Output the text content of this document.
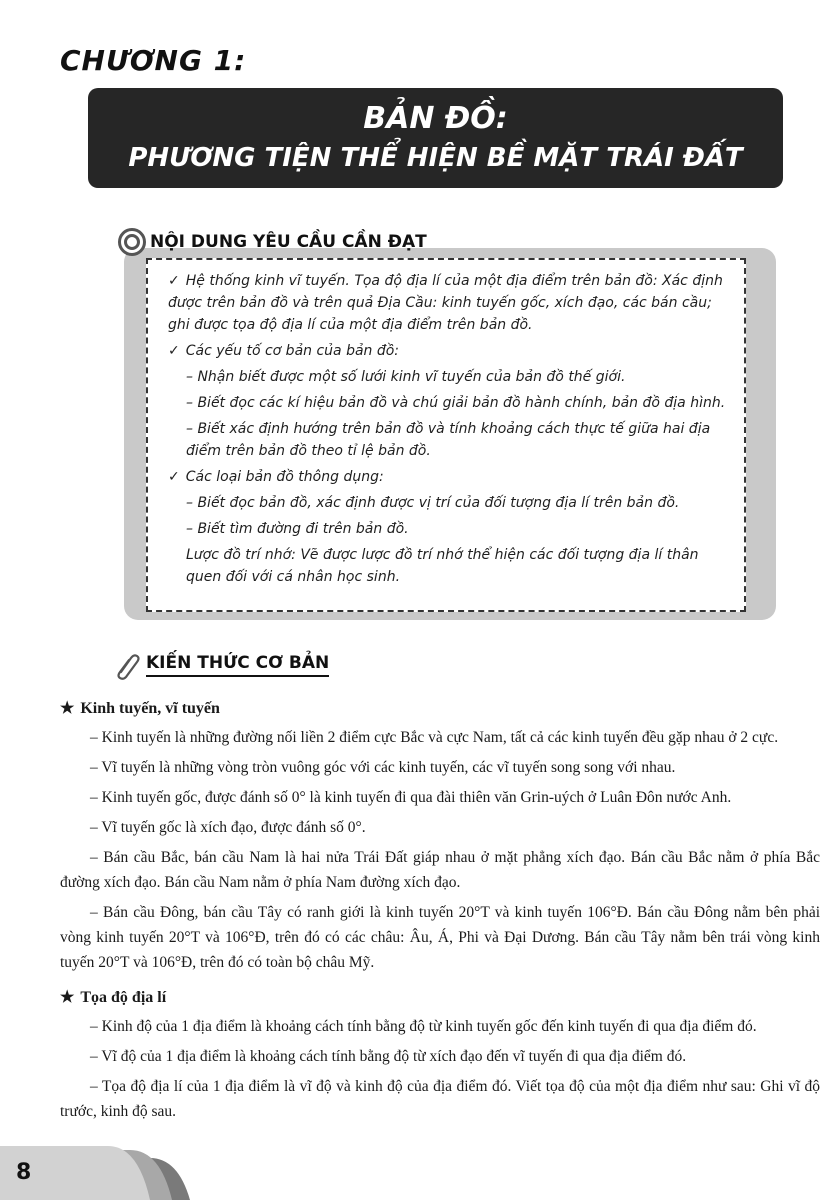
CHƯƠNG 1:
BẢN ĐỒ:
PHƯƠNG TIỆN THỂ HIỆN BỀ MẶT TRÁI ĐẤT
NỘI DUNG YÊU CẦU CẦN ĐẠT
✓ Hệ thống kinh vĩ tuyến. Tọa độ địa lí của một địa điểm trên bản đồ: Xác định được trên bản đồ và trên quả Địa Cầu: kinh tuyến gốc, xích đạo, các bán cầu; ghi được tọa độ địa lí của một địa điểm trên bản đồ.
✓ Các yếu tố cơ bản của bản đồ:
– Nhận biết được một số lưới kinh vĩ tuyến của bản đồ thế giới.
– Biết đọc các kí hiệu bản đồ và chú giải bản đồ hành chính, bản đồ địa hình.
– Biết xác định hướng trên bản đồ và tính khoảng cách thực tế giữa hai địa điểm trên bản đồ theo tỉ lệ bản đồ.
✓ Các loại bản đồ thông dụng:
– Biết đọc bản đồ, xác định được vị trí của đối tượng địa lí trên bản đồ.
– Biết tìm đường đi trên bản đồ.
Lược đồ trí nhớ: Vẽ được lược đồ trí nhớ thể hiện các đối tượng địa lí thân quen đối với cá nhân học sinh.
KIẾN THỨC CƠ BẢN
★ Kinh tuyến, vĩ tuyến

– Kinh tuyến là những đường nối liền 2 điểm cực Bắc và cực Nam, tất cả các kinh tuyến đều gặp nhau ở 2 cực.

– Vĩ tuyến là những vòng tròn vuông góc với các kinh tuyến, các vĩ tuyến song song với nhau.

– Kinh tuyến gốc, được đánh số 0° là kinh tuyến đi qua đài thiên văn Grin-uých ở Luân Đôn nước Anh.

– Vĩ tuyến gốc là xích đạo, được đánh số 0°.

– Bán cầu Bắc, bán cầu Nam là hai nửa Trái Đất giáp nhau ở mặt phẳng xích đạo. Bán cầu Bắc nằm ở phía Bắc đường xích đạo. Bán cầu Nam nằm ở phía Nam đường xích đạo.

– Bán cầu Đông, bán cầu Tây có ranh giới là kinh tuyến 20°T và kinh tuyến 106°Đ. Bán cầu Đông nằm bên phải vòng kinh tuyến 20°T và 106°Đ, trên đó có các châu: Âu, Á, Phi và Đại Dương. Bán cầu Tây nằm bên trái vòng kinh tuyến 20°T và 106°Đ, trên đó có toàn bộ châu Mỹ.

★ Tọa độ địa lí

– Kinh độ của 1 địa điểm là khoảng cách tính bằng độ từ kinh tuyến gốc đến kinh tuyến đi qua địa điểm đó.

– Vĩ độ của 1 địa điểm là khoảng cách tính bằng độ từ xích đạo đến vĩ tuyến đi qua địa điểm đó.

– Tọa độ địa lí của 1 địa điểm là vĩ độ và kinh độ của địa điểm đó. Viết tọa độ của một địa điểm như sau: Ghi vĩ độ trước, kinh độ sau.

8
